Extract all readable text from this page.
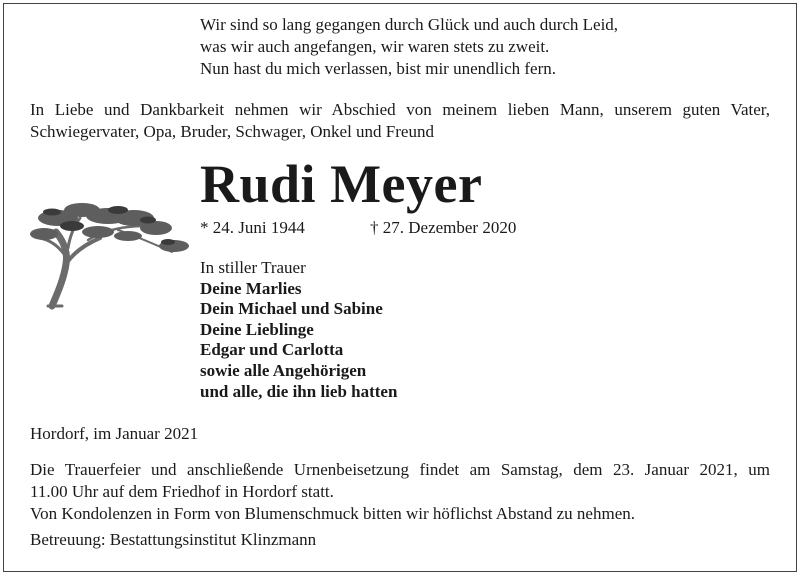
Wir sind so lang gegangen durch Glück und auch durch Leid,
was wir auch angefangen, wir waren stets zu zweit.
Nun hast du mich verlassen, bist mir unendlich fern.
In Liebe und Dankbarkeit nehmen wir Abschied von meinem lieben Mann, unserem guten Vater,
Schwiegervater, Opa, Bruder, Schwager, Onkel und Freund
Rudi Meyer
* 24. Juni 1944	† 27. Dezember 2020
In stiller Trauer
Deine Marlies
Dein Michael und Sabine
Deine Lieblinge
Edgar und Carlotta
sowie alle Angehörigen
und alle, die ihn lieb hatten
Hordorf, im Januar 2021
Die Trauerfeier und anschließende Urnenbeisetzung findet am Samstag, dem 23. Januar 2021, um
11.00 Uhr auf dem Friedhof in Hordorf statt.
Von Kondolenzen in Form von Blumenschmuck bitten wir höflichst Abstand zu nehmen.
Betreuung: Bestattungsinstitut Klinzmann
